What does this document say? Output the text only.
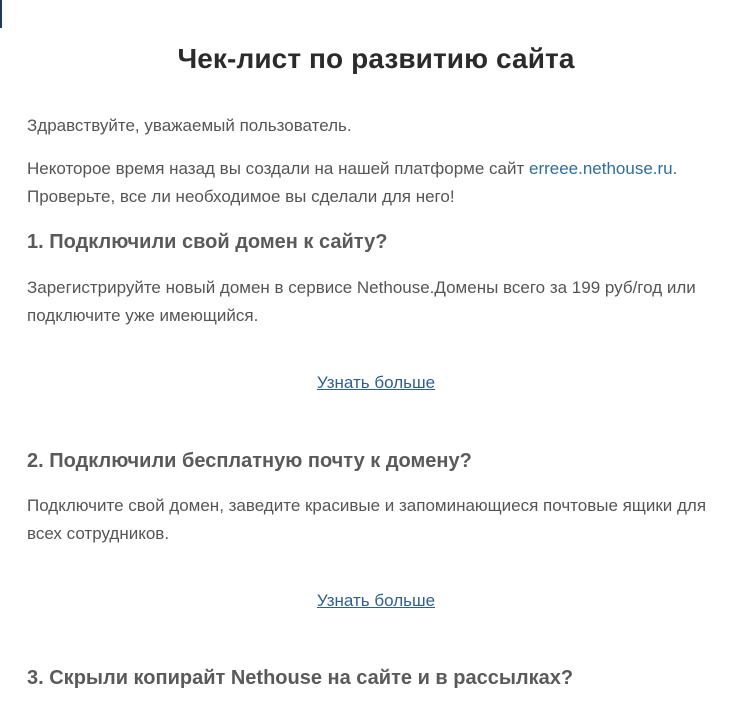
Чек-лист по развитию сайта
Здравствуйте, уважаемый пользователь.
Некоторое время назад вы создали на нашей платформе сайт erreee.nethouse.ru.
Проверьте, все ли необходимое вы сделали для него!
1. Подключили свой домен к сайту?
Зарегистрируйте новый домен в сервисе Nethouse.Домены всего за 199 руб/год или подключите уже имеющийся.
Узнать больше
2. Подключили бесплатную почту к домену?
Подключите свой домен, заведите красивые и запоминающиеся почтовые ящики для всех сотрудников.
Узнать больше
3. Скрыли копирайт Nethouse на сайте и в рассылках?
